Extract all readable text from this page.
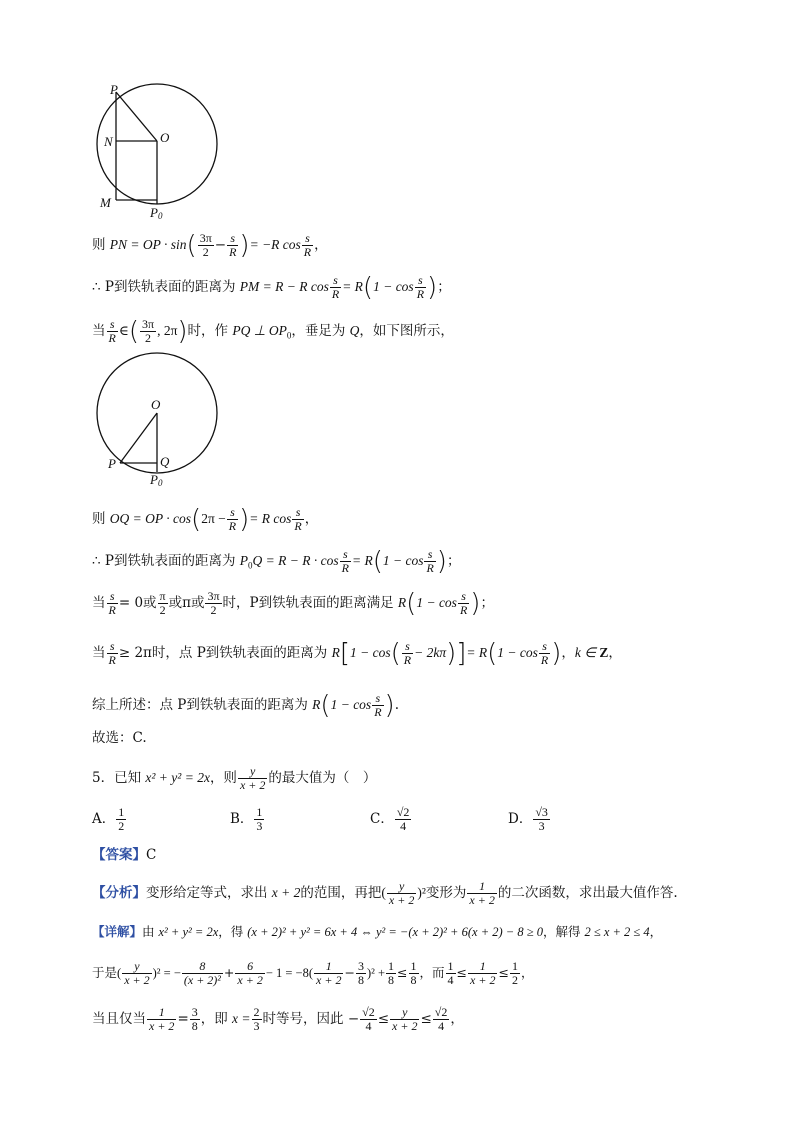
P
O
N
M
P 0
O
P	Q
P 0
则 PN = OP · $\sin( \frac{3\pi}{2} - \frac{s}{R}$ )= −R $\cos \frac{s}{R}$ ，
∴ P到铁轨表面的距离为 PM = R − R $\cos \frac{s}{R} = R(1 - \cos \frac{s}{R}$ )；
当 $\frac{s}{R}$ ∈( $\frac{3\pi}{2}$ , 2π)时，作 PQ ⊥ $OP_0$，垂足为 Q，如下图所示，
则 OQ = OP · $\cos(2\pi - \frac{s}{R}$ )= R $\cos \frac{s}{R}$ ，
∴ P到铁轨表面的距离为 $P_0Q = R - R \cdot \cos \frac{s}{R} = R(1 - \cos \frac{s}{R}$ )；
当 $\frac{s}{R} = 0$或 $\frac{\pi}{2}$ 或π或 $\frac{3\pi}{2}$ 时，P到铁轨表面的距离满足 $R(1 - \cos \frac{s}{R}$ )；
当 $\frac{s}{R} \ge 2\pi$时，点 P到铁轨表面的距离为 $R[1 - \cos( \frac{s}{R} - 2k\pi)]= R(1 - \cos \frac{s}{R}$ )，k ∈ Z，
综上所述：点 P到铁轨表面的距离为 $R(1 - \cos \frac{s}{R}$ ).
故选：C.
5．已知 x² + y² = 2x，则 $\frac{y}{x + 2}$ 的最大值为（　）
A． $\frac{1}{2}$	B． $\frac{1}{3}$	C． $\frac{√2}{4}$	D． $\frac{√3}{3}$
【答案】C
【分析】变形给定等式，求出 x + 2的范围，再把( $\frac{y}{x + 2} )^2$变形为 $\frac{1}{x + 2}$ 的二次函数，求出最大值作答.
【详解】由 x² + y² = 2x，得 (x + 2)² + y² = 6x + 4 ⇔ y² = −(x + 2)² + 6(x + 2) − 8 ≥ 0，解得 2 ≤ x + 2 ≤ 4，
于是( $\frac{y}{x + 2} )^2$ = − $\frac{8}{\text{(x + 2)²}} + \frac{6}{x + 2} - 1 = -8( \frac{1}{x + 2} - \frac{3}{8} )^2 + \frac{1}{8} \le \frac{1}{8}$ ，而 $\frac{1}{4} \le \frac{1}{x + 2} \le \frac{1}{2}$ ，
当且仅当 $\frac{1}{x + 2} = \frac{3}{8}$ ，即 $x = \frac{2}{3}$ 时等号，因此 − $\frac{√2}{4} \le \frac{y}{x + 2} \le \frac{√2}{4}$ ，
